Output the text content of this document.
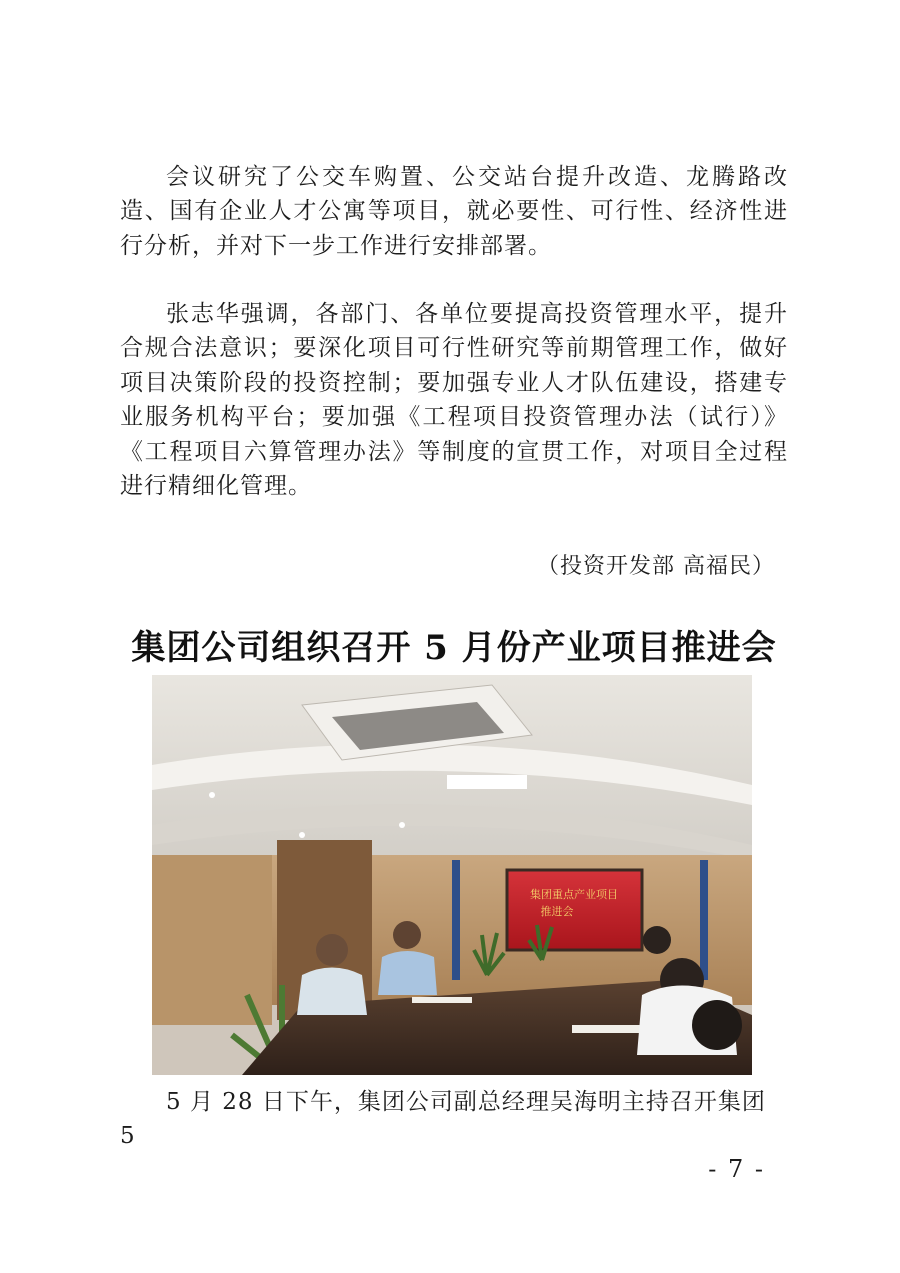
会议研究了公交车购置、公交站台提升改造、龙腾路改造、国有企业人才公寓等项目，就必要性、可行性、经济性进行分析，并对下一步工作进行安排部署。

张志华强调，各部门、各单位要提高投资管理水平，提升合规合法意识；要深化项目可行性研究等前期管理工作，做好项目决策阶段的投资控制；要加强专业人才队伍建设，搭建专业服务机构平台；要加强《工程项目投资管理办法（试行）》《工程项目六算管理办法》等制度的宣贯工作，对项目全过程进行精细化管理。

（投资开发部 高福民）

集团公司组织召开 5 月份产业项目推进会
集团重点产业项目
推进会

5 月 28 日下午，集团公司副总经理吴海明主持召开集团 5

- 7 -
